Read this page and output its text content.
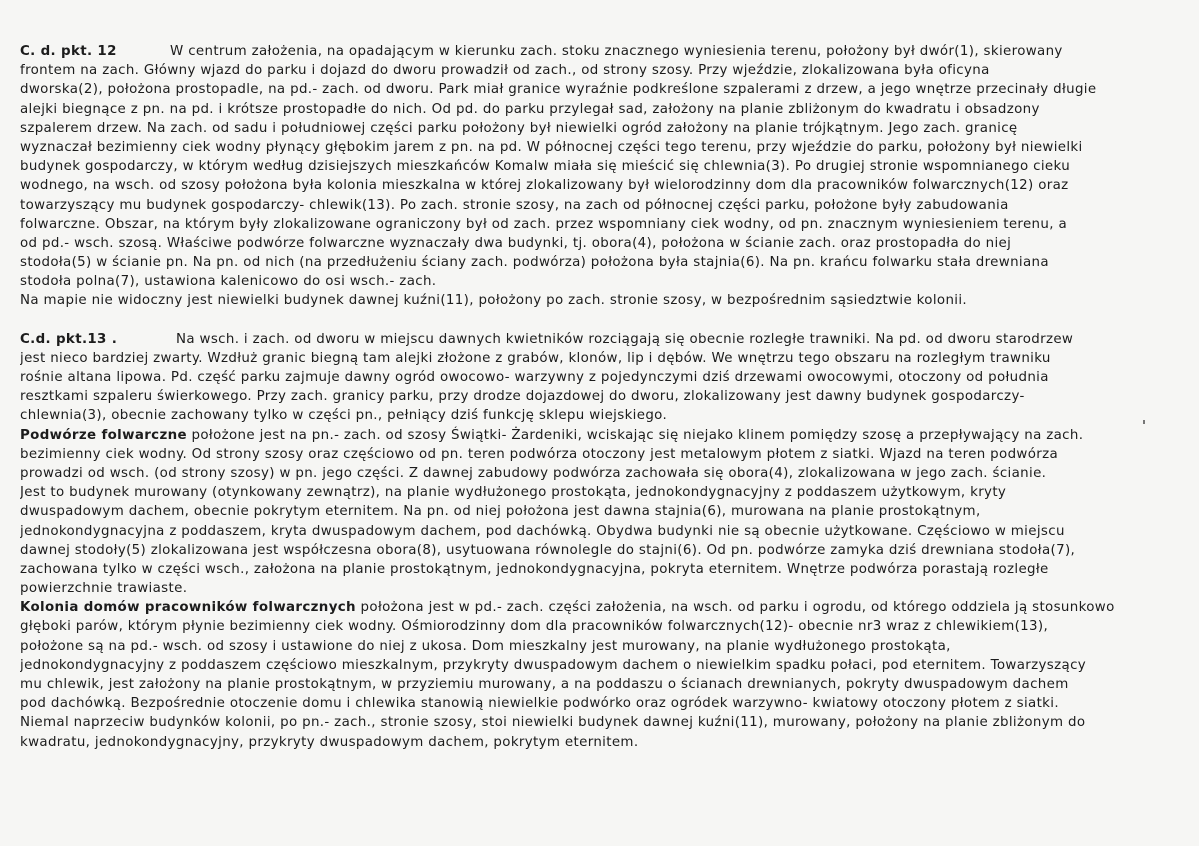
C. d. pkt. 12	W centrum założenia, na opadającym w kierunku zach. stoku znacznego wyniesienia terenu, położony był dwór(1), skierowany
frontem na zach. Główny wjazd do parku i dojazd do dworu prowadził od zach., od strony szosy. Przy wjeździe, zlokalizowana była oficyna
dworska(2), położona prostopadle, na pd.- zach. od dworu. Park miał granice wyraźnie podkreślone szpalerami z drzew, a jego wnętrze przecinały długie
alejki biegnące z pn. na pd. i krótsze prostopadłe do nich. Od pd. do parku przylegał sad, założony na planie zbliżonym do kwadratu i obsadzony
szpalerem drzew. Na zach. od sadu i południowej części parku położony był niewielki ogród założony na planie trójkątnym. Jego zach. granicę
wyznaczał bezimienny ciek wodny płynący głębokim jarem z pn. na pd. W północnej części tego terenu, przy wjeździe do parku, położony był niewielki
budynek gospodarczy, w którym według dzisiejszych mieszkańców Komalw miała się mieścić się chlewnia(3). Po drugiej stronie wspomnianego cieku
wodnego, na wsch. od szosy położona była kolonia mieszkalna w której zlokalizowany był wielorodzinny dom dla pracowników folwarcznych(12) oraz
towarzyszący mu budynek gospodarczy- chlewik(13). Po zach. stronie szosy, na zach od północnej części parku, położone były zabudowania
folwarczne. Obszar, na którym były zlokalizowane ograniczony był od zach. przez wspomniany ciek wodny, od pn. znacznym wyniesieniem terenu, a
od pd.- wsch. szosą. Właściwe podwórze folwarczne wyznaczały dwa budynki, tj. obora(4), położona w ścianie zach. oraz prostopadła do niej
stodoła(5) w ścianie pn. Na pn. od nich (na przedłużeniu ściany zach. podwórza) położona była stajnia(6). Na pn. krańcu folwarku stała drewniana
stodoła polna(7), ustawiona kalenicowo do osi wsch.- zach.
Na mapie nie widoczny jest niewielki budynek dawnej kuźni(11), położony po zach. stronie szosy, w bezpośrednim sąsiedztwie kolonii.
C.d. pkt.13 .	Na wsch. i zach. od dworu w miejscu dawnych kwietników rozciągają się obecnie rozległe trawniki. Na pd. od dworu starodrzew
jest nieco bardziej zwarty. Wzdłuż granic biegną tam alejki złożone z grabów, klonów, lip i dębów. We wnętrzu tego obszaru na rozległym trawniku
rośnie altana lipowa. Pd. część parku zajmuje dawny ogród owocowo- warzywny z pojedynczymi dziś drzewami owocowymi, otoczony od południa
resztkami szpaleru świerkowego. Przy zach. granicy parku, przy drodze dojazdowej do dworu, zlokalizowany jest dawny budynek gospodarczy-
chlewnia(3), obecnie zachowany tylko w części pn., pełniący dziś funkcję sklepu wiejskiego.
Podwórze folwarczne położone jest na pn.- zach. od szosy Świątki- Żardeniki, wciskając się niejako klinem pomiędzy szosę a przepływający na zach.
bezimienny ciek wodny. Od strony szosy oraz częściowo od pn. teren podwórza otoczony jest metalowym płotem z siatki. Wjazd na teren podwórza
prowadzi od wsch. (od strony szosy) w pn. jego części. Z dawnej zabudowy podwórza zachowała się obora(4), zlokalizowana w jego zach. ścianie.
Jest to budynek murowany (otynkowany zewnątrz), na planie wydłużonego prostokąta, jednokondygnacyjny z poddaszem użytkowym, kryty
dwuspadowym dachem, obecnie pokrytym eternitem. Na pn. od niej położona jest dawna stajnia(6), murowana na planie prostokątnym,
jednokondygnacyjna z poddaszem, kryta dwuspadowym dachem, pod dachówką. Obydwa budynki nie są obecnie użytkowane. Częściowo w miejscu
dawnej stodoły(5) zlokalizowana jest współczesna obora(8), usytuowana równolegle do stajni(6). Od pn. podwórze zamyka dziś drewniana stodoła(7),
zachowana tylko w części wsch., założona na planie prostokątnym, jednokondygnacyjna, pokryta eternitem. Wnętrze podwórza porastają rozległe
powierzchnie trawiaste.
Kolonia domów pracowników folwarcznych położona jest w pd.- zach. części założenia, na wsch. od parku i ogrodu, od którego oddziela ją stosunkowo
głęboki parów, którym płynie bezimienny ciek wodny. Ośmiorodzinny dom dla pracowników folwarcznych(12)- obecnie nr3 wraz z chlewikiem(13),
położone są na pd.- wsch. od szosy i ustawione do niej z ukosa. Dom mieszkalny jest murowany, na planie wydłużonego prostokąta,
jednokondygnacyjny z poddaszem częściowo mieszkalnym, przykryty dwuspadowym dachem o niewielkim spadku połaci, pod eternitem. Towarzyszący
mu chlewik, jest założony na planie prostokątnym, w przyziemiu murowany, a na poddaszu o ścianach drewnianych, pokryty dwuspadowym dachem
pod dachówką. Bezpośrednie otoczenie domu i chlewika stanowią niewielkie podwórko oraz ogródek warzywno- kwiatowy otoczony płotem z siatki.
Niemal naprzeciw budynków kolonii, po pn.- zach., stronie szosy, stoi niewielki budynek dawnej kuźni(11), murowany, położony na planie zbliżonym do
kwadratu, jednokondygnacyjny, przykryty dwuspadowym dachem, pokrytym eternitem.
